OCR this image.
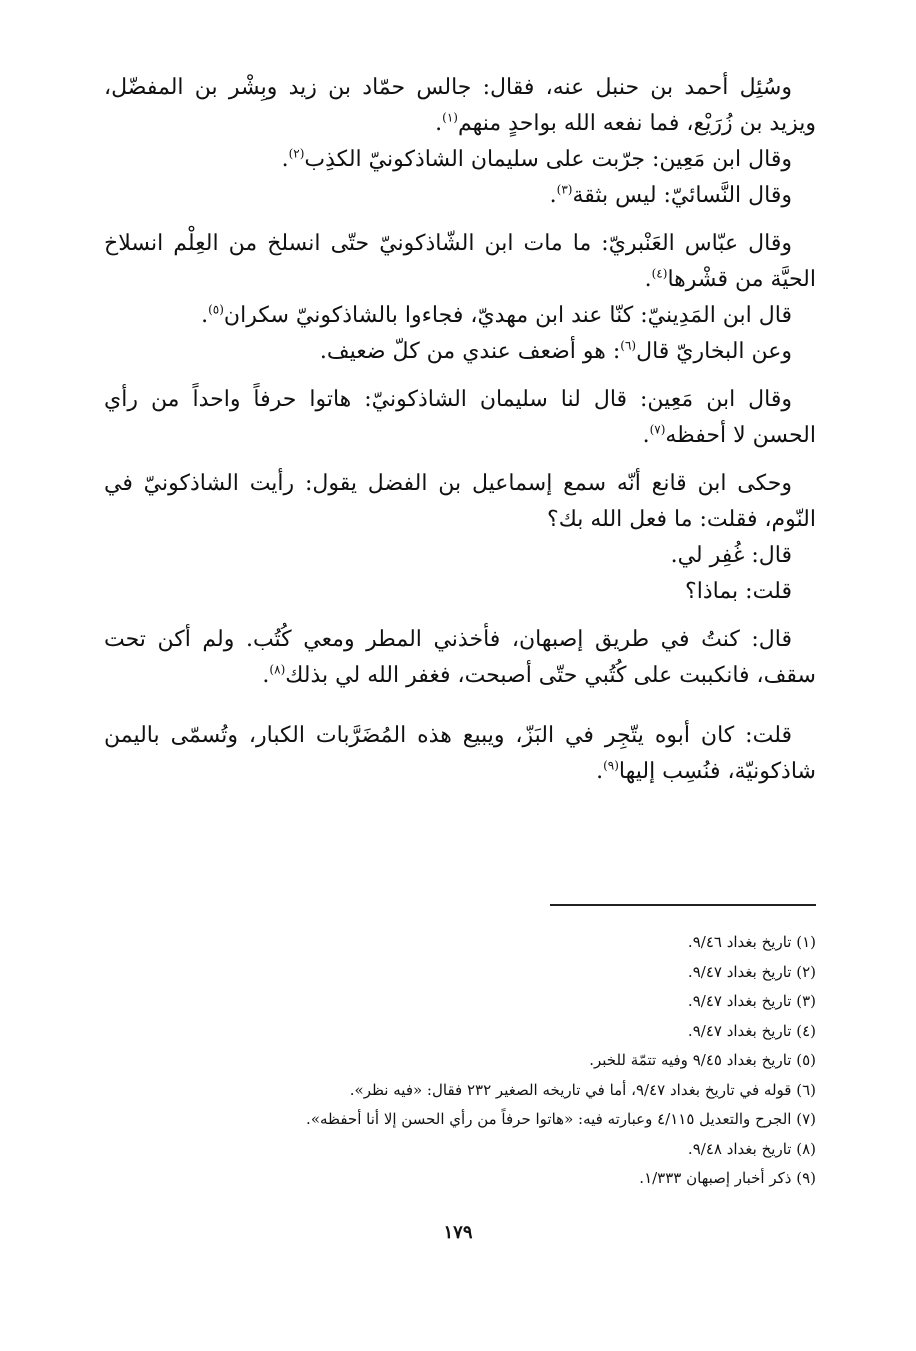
وسُئِل أحمد بن حنبل عنه، فقال: جالس حمّاد بن زيد وبِشْر بن المفضّل، ويزيد بن زُرَيْع، فما نفعه الله بواحدٍ منهم$^{(١)}$.

وقال ابن مَعِين: جرّبت على سليمان الشاذكونيّ الكذِب$^{(٢)}$.

وقال النَّسائيّ: ليس بثقة$^{(٣)}$.

وقال عبّاس العَنْبريّ: ما مات ابن الشّاذكونيّ حتّى انسلخ من العِلْم انسلاخ الحيَّة من قشْرها$^{(٤)}$.

قال ابن المَدِينيّ: كنّا عند ابن مهديّ، فجاءوا بالشاذكونيّ سكران$^{(٥)}$.

وعن البخاريّ قال$^{(٦)}$: هو أضعف عندي من كلّ ضعيف.

وقال ابن مَعِين: قال لنا سليمان الشاذكونيّ: هاتوا حرفاً واحداً من رأي الحسن لا أحفظه$^{(٧)}$.

وحكى ابن قانع أنّه سمع إسماعيل بن الفضل يقول: رأيت الشاذكونيّ في النّوم، فقلت: ما فعل الله بك؟

قال: غُفِر لي.

قلت: بماذا؟

قال: كنتُ في طريق إصبهان، فأخذني المطر ومعي كُتُب. ولم أكن تحت سقف، فانكببت على كُتُبي حتّى أصبحت، فغفر الله لي بذلك$^{(٨)}$.

قلت: كان أبوه يتّجِر في البَزّ، ويبيع هذه المُضَرَّبات الكبار، وتُسمّى باليمن شاذكونيّة، فنُسِب إليها$^{(٩)}$.

(١) تاريخ بغداد ٩/٤٦.

(٢) تاريخ بغداد ٩/٤٧.

(٣) تاريخ بغداد ٩/٤٧.

(٤) تاريخ بغداد ٩/٤٧.

(٥) تاريخ بغداد ٩/٤٥ وفيه تتمّة للخبر.

(٦) قوله في تاريخ بغداد ٩/٤٧، أما في تاريخه الصغير ٢٣٢ فقال: «فيه نظر».

(٧) الجرح والتعديل ٤/١١٥ وعبارته فيه: «هاتوا حرفاً من رأي الحسن إلا أنا أحفظه».

(٨) تاريخ بغداد ٩/٤٨.

(٩) ذكر أخبار إصبهان ١/٣٣٣.

١٧٩
